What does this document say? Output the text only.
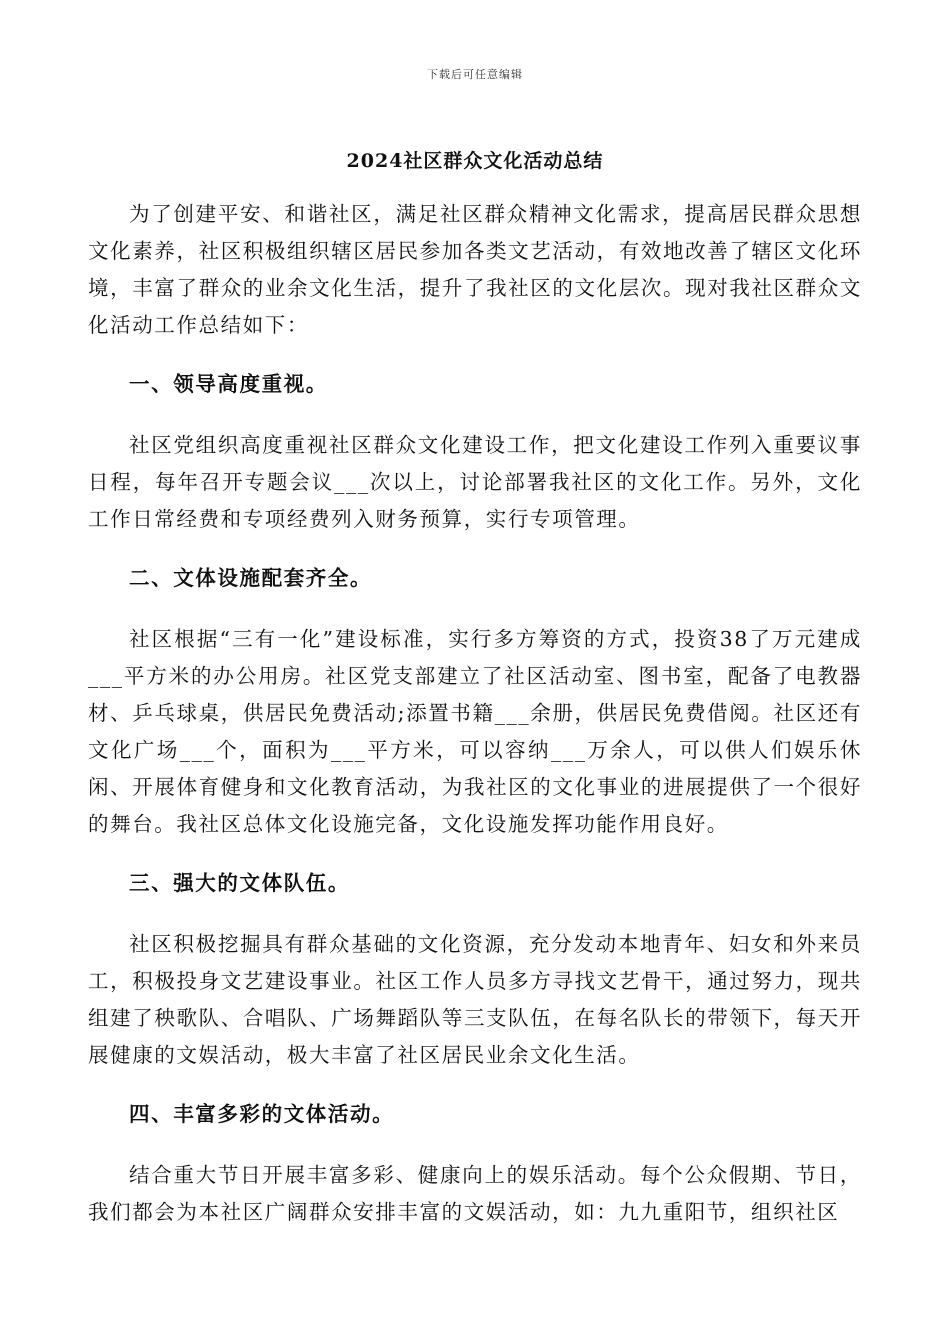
下载后可任意编辑
2024社区群众文化活动总结

为了创建平安、和谐社区，满足社区群众精神文化需求，提高居民群众思想文化素养，社区积极组织辖区居民参加各类文艺活动，有效地改善了辖区文化环境，丰富了群众的业余文化生活，提升了我社区的文化层次。现对我社区群众文化活动工作总结如下：

一、领导高度重视。

社区党组织高度重视社区群众文化建设工作，把文化建设工作列入重要议事日程，每年召开专题会议___次以上，讨论部署我社区的文化工作。另外，文化工作日常经费和专项经费列入财务预算，实行专项管理。

二、文体设施配套齐全。

社区根据“三有一化”建设标准，实行多方筹资的方式，投资38了万元建成___平方米的办公用房。社区党支部建立了社区活动室、图书室，配备了电教器材、乒乓球桌，供居民免费活动;添置书籍___余册，供居民免费借阅。社区还有文化广场___个，面积为___平方米，可以容纳___万余人，可以供人们娱乐休闲、开展体育健身和文化教育活动，为我社区的文化事业的进展提供了一个很好的舞台。我社区总体文化设施完备，文化设施发挥功能作用良好。

三、强大的文体队伍。

社区积极挖掘具有群众基础的文化资源，充分发动本地青年、妇女和外来员工，积极投身文艺建设事业。社区工作人员多方寻找文艺骨干，通过努力，现共组建了秧歌队、合唱队、广场舞蹈队等三支队伍，在每名队长的带领下，每天开展健康的文娱活动，极大丰富了社区居民业余文化生活。

四、丰富多彩的文体活动。

结合重大节日开展丰富多彩、健康向上的娱乐活动。每个公众假期、节日，我们都会为本社区广阔群众安排丰富的文娱活动，如：九九重阳节，组织社区
